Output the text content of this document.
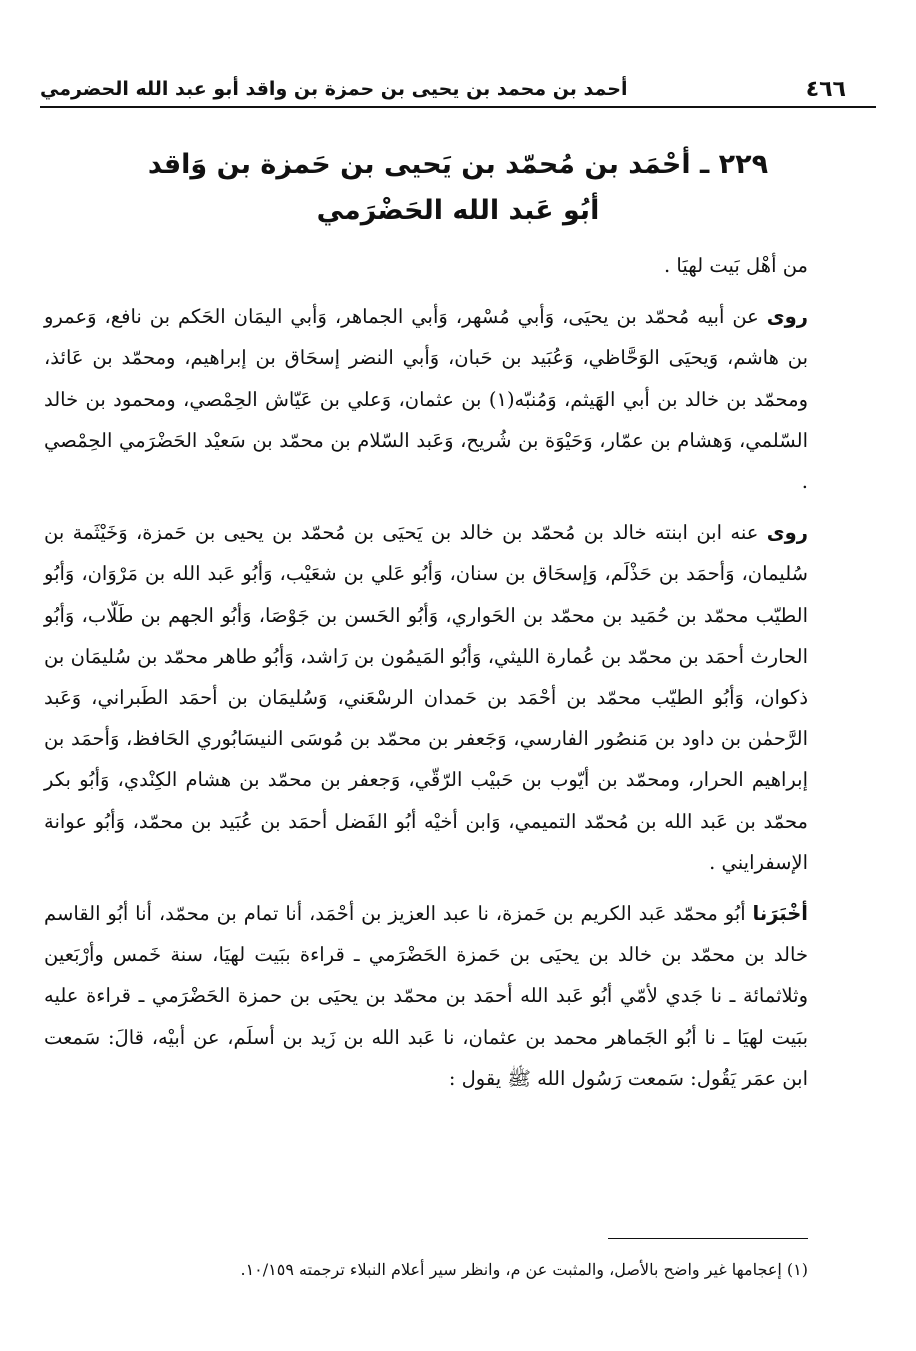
٤٦٦
أحمد بن محمد بن يحيى بن حمزة بن واقد أبو عبد الله الحضرمي
٢٢٩ ـ أحْمَد بن مُحمّد بن يَحيى بن حَمزة بن وَاقد
أبُو عَبد الله الحَضْرَمي

من أهْل بَيت لهيَا .

روى عن أبيه مُحمّد بن يحيَى، وَأبي مُسْهر، وَأبي الجماهر، وَأبي اليمَان الحَكم بن نافع، وَعمرو بن هاشم، وَيحيَى الوَحَّاظي، وَعُبَيد بن حَبان، وَأبي النضر إسحَاق بن إبراهيم، ومحمّد بن عَائذ، ومحمّد بن خالد بن أبي الهَيثم، وَمُنبّه(١) بن عثمان، وَعلي بن عَيّاش الحِمْصي، ومحمود بن خالد السّلمي، وَهشام بن عمّار، وَحَيْوَة بن شُريح، وَعَبد السّلام بن محمّد بن سَعيْد الحَضْرَمي الحِمْصي .

روى عنه ابن ابنته خالد بن مُحمّد بن خالد بن يَحيَى بن مُحمّد بن يحيى بن حَمزة، وَخَيْثَمة بن سُليمان، وَأحمَد بن حَذْلَم، وَإسحَاق بن سنان، وَأبُو عَلي بن شعَيْب، وَأبُو عَبد الله بن مَرْوَان، وَأبُو الطيّب محمّد بن حُمَيد بن محمّد بن الحَواري، وَأبُو الحَسن بن جَوْصَا، وَأبُو الجهم بن طَلّاب، وَأبُو الحارث أحمَد بن محمّد بن عُمارة الليثي، وَأبُو المَيمُون بن رَاشد، وَأبُو طاهر محمّد بن سُليمَان بن ذكوان، وَأبُو الطيّب محمّد بن أحْمَد بن حَمدان الرسْعَني، وَسُليمَان بن أحمَد الطَبراني، وَعَبد الرَّحمٰن بن داود بن مَنصُور الفارسي، وَجَعفر بن محمّد بن مُوسَى النيسَابُوري الحَافظ، وَأحمَد بن إبراهيم الحرار، ومحمّد بن أيّوب بن حَبيْب الرّقّي، وَجعفر بن محمّد بن هشام الكِنْدي، وَأبُو بكر محمّد بن عَبد الله بن مُحمّد التميمي، وَابن أخيْه أبُو الفَضل أحمَد بن عُبَيد بن محمّد، وَأبُو عوانة الإسفرايني .

أخْبَرَنا أبُو محمّد عَبد الكريم بن حَمزة، نا عبد العزيز بن أحْمَد، أنا تمام بن محمّد، أنا أبُو القاسم خالد بن محمّد بن خالد بن يحيَى بن حَمزة الحَضْرَمي ـ قراءة ببَيت لهيَا، سنة خَمس وأرْبَعين وثلاثمائة ـ نا جَدي لأمّي أبُو عَبد الله أحمَد بن محمّد بن يحيَى بن حمزة الحَضْرَمي ـ قراءة عليه ببَيت لهيَا ـ نا أبُو الجَماهر محمد بن عثمان، نا عَبد الله بن زَيد بن أسلَم، عن أبيْه، قالَ: سَمعت ابن عمَر يَقُول: سَمعت رَسُول الله ﷺ يقول :

(١) إعجامها غير واضح بالأصل، والمثبت عن م، وانظر سير أعلام النبلاء ترجمته ١٠/١٥٩.
